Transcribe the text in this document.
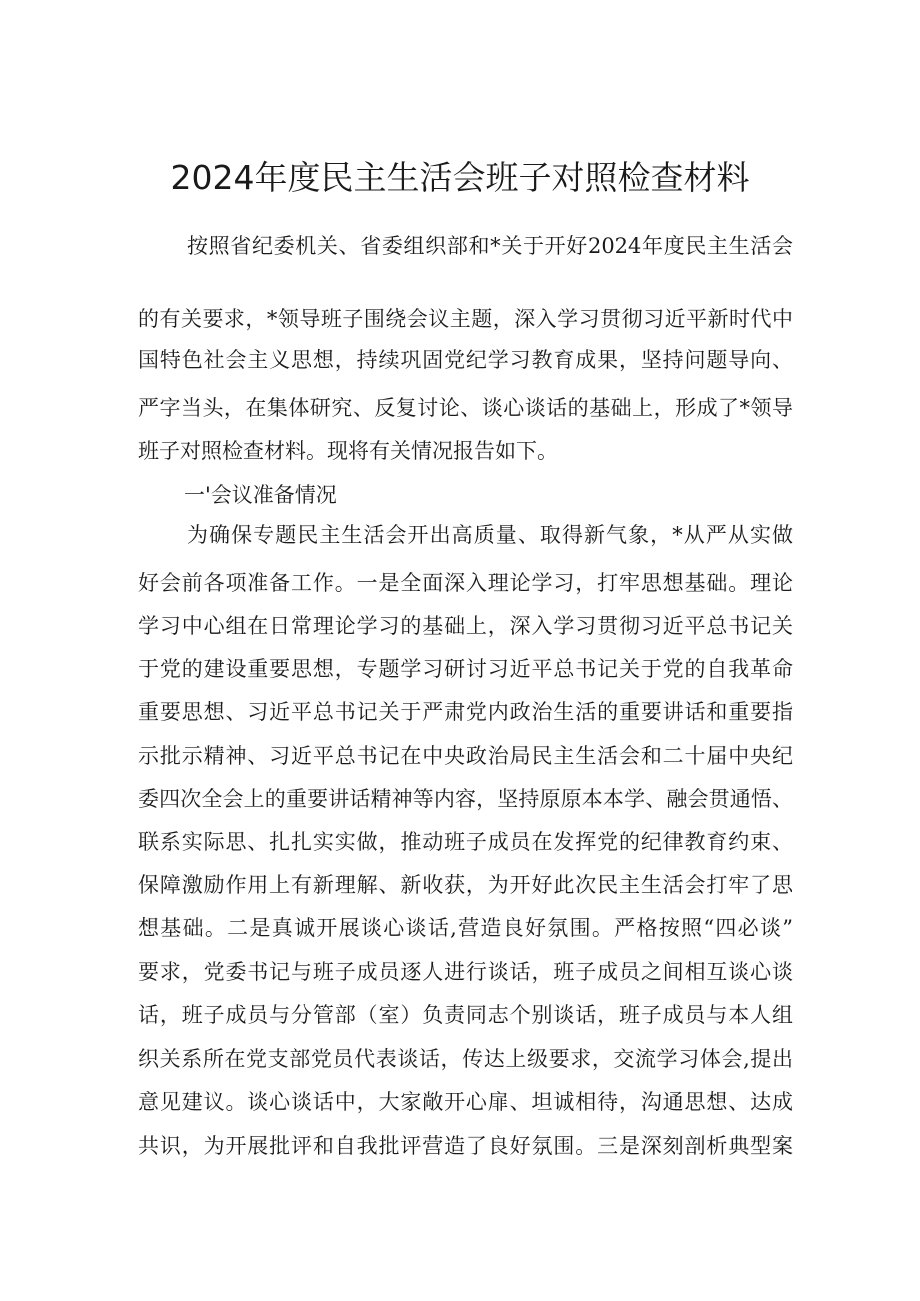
2024年度民主生活会班子对照检查材料
按照省纪委机关、省委组织部和*关于开好2024年度民主生活会
的有关要求，*领导班子围绕会议主题，深入学习贯彻习近平新时代中
国特色社会主义思想，持续巩固党纪学习教育成果，坚持问题导向、
严字当头，在集体研究、反复讨论、谈心谈话的基础上，形成了*领导
班子对照检查材料。现将有关情况报告如下。
一'会议准备情况
为确保专题民主生活会开出高质量、取得新气象，*从严从实做
好会前各项准备工作。一是全面深入理论学习，打牢思想基础。理论
学习中心组在日常理论学习的基础上，深入学习贯彻习近平总书记关
于党的建设重要思想，专题学习研讨习近平总书记关于党的自我革命
重要思想、习近平总书记关于严肃党内政治生活的重要讲话和重要指
示批示精神、习近平总书记在中央政治局民主生活会和二十届中央纪
委四次全会上的重要讲话精神等内容，坚持原原本本学、融会贯通悟、
联系实际思、扎扎实实做，推动班子成员在发挥党的纪律教育约束、
保障激励作用上有新理解、新收获，为开好此次民主生活会打牢了思
想基础。二是真诚开展谈心谈话,营造良好氛围。严格按照“四必谈”
要求，党委书记与班子成员逐人进行谈话，班子成员之间相互谈心谈
话，班子成员与分管部（室）负责同志个别谈话，班子成员与本人组
织关系所在党支部党员代表谈话，传达上级要求，交流学习体会,提出
意见建议。谈心谈话中，大家敞开心扉、坦诚相待，沟通思想、达成
共识，为开展批评和自我批评营造了良好氛围。三是深刻剖析典型案
